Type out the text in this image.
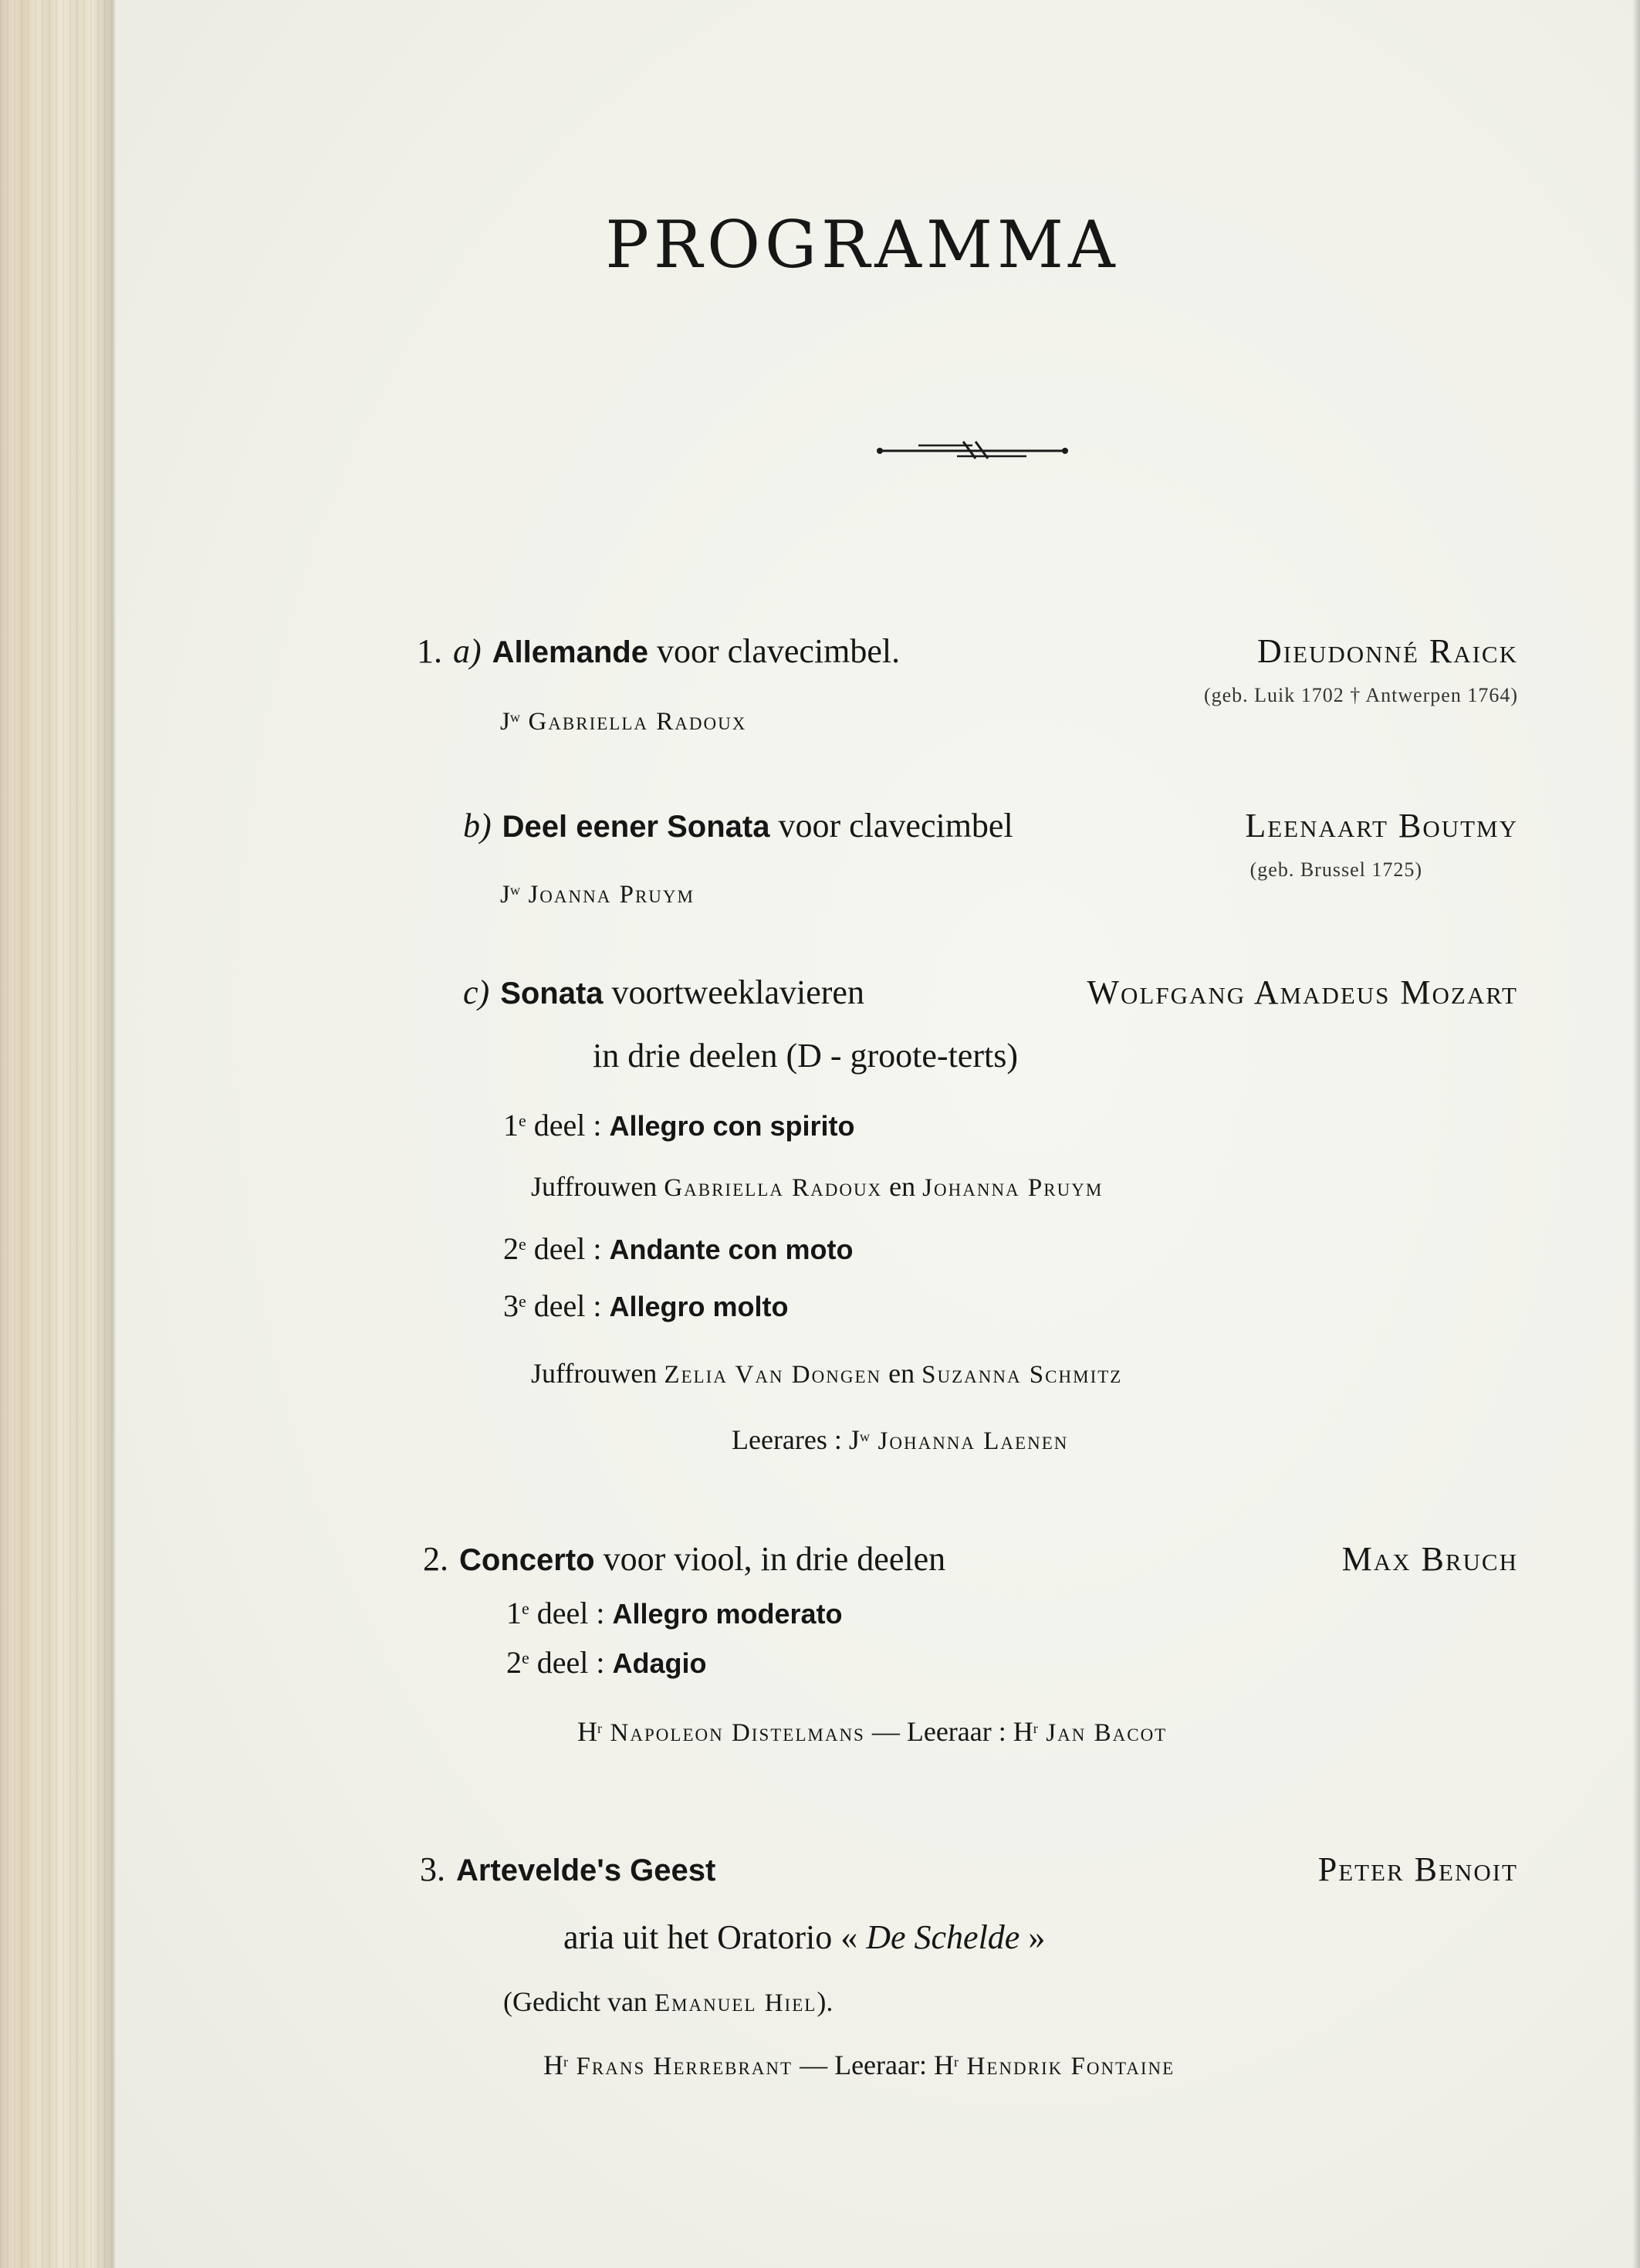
PROGRAMMA
1. a) Allemande voor clavecimbel.	Dieudonné Raick
(geb. Luik 1702 † Antwerpen 1764)
$J^w$ Gabriella Radoux
b) Deel eener Sonata voor clavecimbel	Leenaart Boutmy
(geb. Brussel 1725)
$J^w$ Joanna Pruym
c) Sonata voortweeklavieren	Wolfgang Amadeus Mozart
in drie deelen (D - groote-terts)
1e deel : Allegro con spirito
Juffrouwen Gabriella Radoux en Johanna Pruym
2e deel : Andante con moto
3e deel : Allegro molto
Juffrouwen Zelia Van Dongen en Suzanna Schmitz
Leerares : $J^w$ Johanna Laenen
2. Concerto voor viool, in drie deelen	Max Bruch
1e deel : Allegro moderato
2e deel : Adagio
$H^r$ Napoleon Distelmans — Leeraar : $H^r$ Jan Bacot
3. Artevelde's Geest	Peter Benoit
aria uit het Oratorio « De Schelde »
(Gedicht van Emanuel Hiel).
$H^r$ Frans Herrebrant — Leeraar: $H^r$ Hendrik Fontaine
